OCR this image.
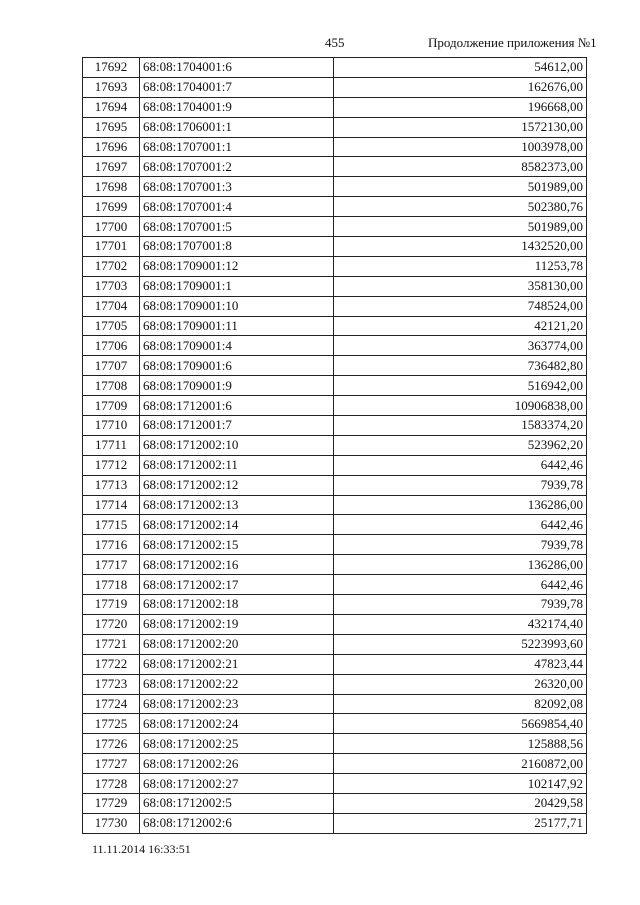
455	Продолжение приложения №1
17692	68:08:1704001:6	54612,00
17693	68:08:1704001:7	162676,00
17694	68:08:1704001:9	196668,00
17695	68:08:1706001:1	1572130,00
17696	68:08:1707001:1	1003978,00
17697	68:08:1707001:2	8582373,00
17698	68:08:1707001:3	501989,00
17699	68:08:1707001:4	502380,76
17700	68:08:1707001:5	501989,00
17701	68:08:1707001:8	1432520,00
17702	68:08:1709001:12	11253,78
17703	68:08:1709001:1	358130,00
17704	68:08:1709001:10	748524,00
17705	68:08:1709001:11	42121,20
17706	68:08:1709001:4	363774,00
17707	68:08:1709001:6	736482,80
17708	68:08:1709001:9	516942,00
17709	68:08:1712001:6	10906838,00
17710	68:08:1712001:7	1583374,20
17711	68:08:1712002:10	523962,20
17712	68:08:1712002:11	6442,46
17713	68:08:1712002:12	7939,78
17714	68:08:1712002:13	136286,00
17715	68:08:1712002:14	6442,46
17716	68:08:1712002:15	7939,78
17717	68:08:1712002:16	136286,00
17718	68:08:1712002:17	6442,46
17719	68:08:1712002:18	7939,78
17720	68:08:1712002:19	432174,40
17721	68:08:1712002:20	5223993,60
17722	68:08:1712002:21	47823,44
17723	68:08:1712002:22	26320,00
17724	68:08:1712002:23	82092,08
17725	68:08:1712002:24	5669854,40
17726	68:08:1712002:25	125888,56
17727	68:08:1712002:26	2160872,00
17728	68:08:1712002:27	102147,92
17729	68:08:1712002:5	20429,58
17730	68:08:1712002:6	25177,71
11.11.2014 16:33:51
